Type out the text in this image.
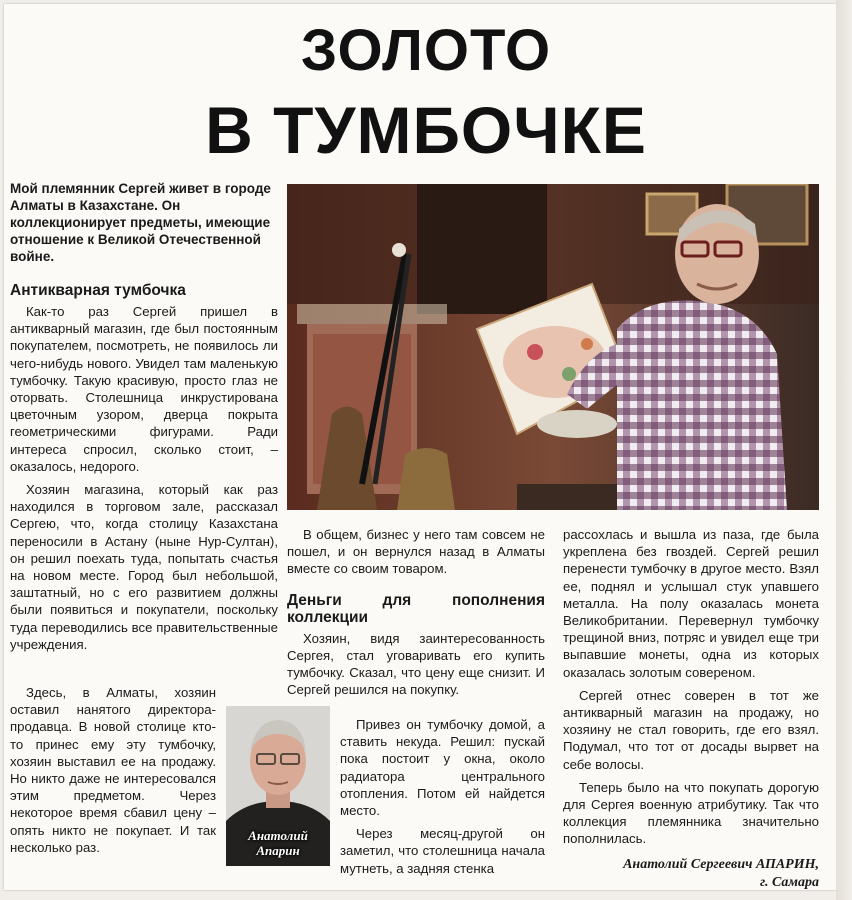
ЗОЛОТО
В ТУМБОЧКЕ
Мой племянник Сергей живет в городе Алматы в Казахстане. Он коллекционирует предметы, имеющие отношение к Великой Отечественной войне.
Антикварная тумбочка

Как-то раз Сергей пришел в антикварный магазин, где был постоянным покупателем, посмотреть, не появилось ли чего-нибудь нового. Увидел там маленькую тумбочку. Такую красивую, просто глаз не оторвать. Столешница инкрустирована цветочным узором, дверца покрыта геометрическими фигурами. Ради интереса спросил, сколько стоит, – оказалось, недорого.

Хозяин магазина, который как раз находился в торговом зале, рассказал Сергею, что, когда столицу Казахстана переносили в Астану (ныне Нур-Султан), он решил поехать туда, попытать счастья на новом месте. Город был небольшой, заштатный, но с его развитием должны были появиться и покупатели, поскольку туда переводились все правительственные учреждения.

Здесь, в Алматы, хозяин оставил нанятого директора-продавца. В новой столице кто-то принес ему эту тумбочку, хозяин выставил ее на продажу. Но никто даже не интересовался этим предметом. Через некоторое время сбавил цену – опять никто не покупает. И так несколько раз.

В общем, бизнес у него там совсем не пошел, и он вернулся назад в Алматы вместе со своим товаром.

Деньги для пополнения коллекции

Хозяин, видя заинтересованность Сергея, стал уговаривать его купить тумбочку. Сказал, что цену еще снизит. И Сергей решился на покупку.

Привез он тумбочку домой, а ставить некуда. Решил: пускай пока постоит у окна, около радиатора центрального отопления. Потом ей найдется место.

Через месяц-другой он заметил, что столешница начала мутнеть, а задняя стенка

Анатолий
Апарин

рассохлась и вышла из паза, где была укреплена без гвоздей. Сергей решил перенести тумбочку в другое место. Взял ее, поднял и услышал стук упавшего металла. На полу оказалась монета Великобритании. Перевернул тумбочку трещиной вниз, потряс и увидел еще три выпавшие монеты, одна из которых оказалась золотым совереном.

Сергей отнес соверен в тот же антикварный магазин на продажу, но хозяину не стал говорить, где его взял. Подумал, что тот от досады вырвет на себе волосы.

Теперь было на что покупать дорогую для Сергея военную атрибутику. Так что коллекция племянника значительно пополнилась.

Анатолий Сергеевич АПАРИН,
г. Самара
